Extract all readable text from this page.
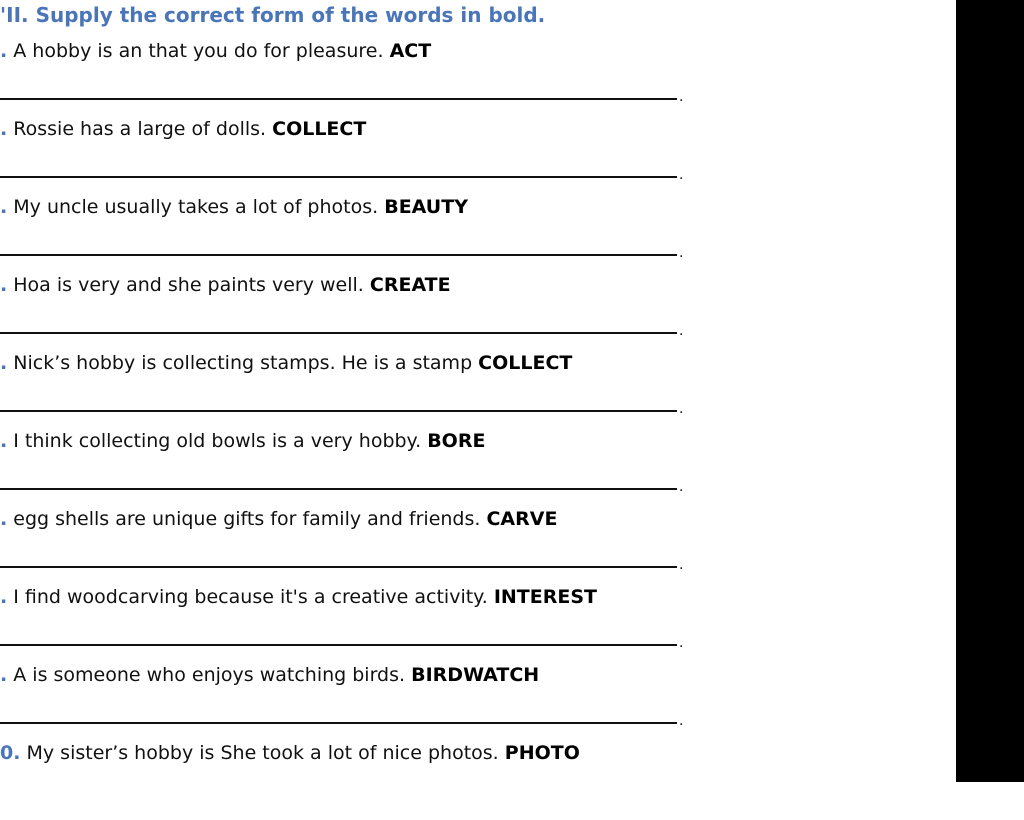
'II. Supply the correct form of the words in bold.
. A hobby is an that you do for pleasure. ACT
.
. Rossie has a large of dolls. COLLECT
.
. My uncle usually takes a lot of photos. BEAUTY
.
. Hoa is very and she paints very well. CREATE
.
. Nick’s hobby is collecting stamps. He is a stamp COLLECT
.
. I think collecting old bowls is a very hobby. BORE
.
. egg shells are unique gifts for family and friends. CARVE
.
. I find woodcarving because it's a creative activity. INTEREST
.
. A is someone who enjoys watching birds. BIRDWATCH
.
0. My sister’s hobby is She took a lot of nice photos. PHOTO
